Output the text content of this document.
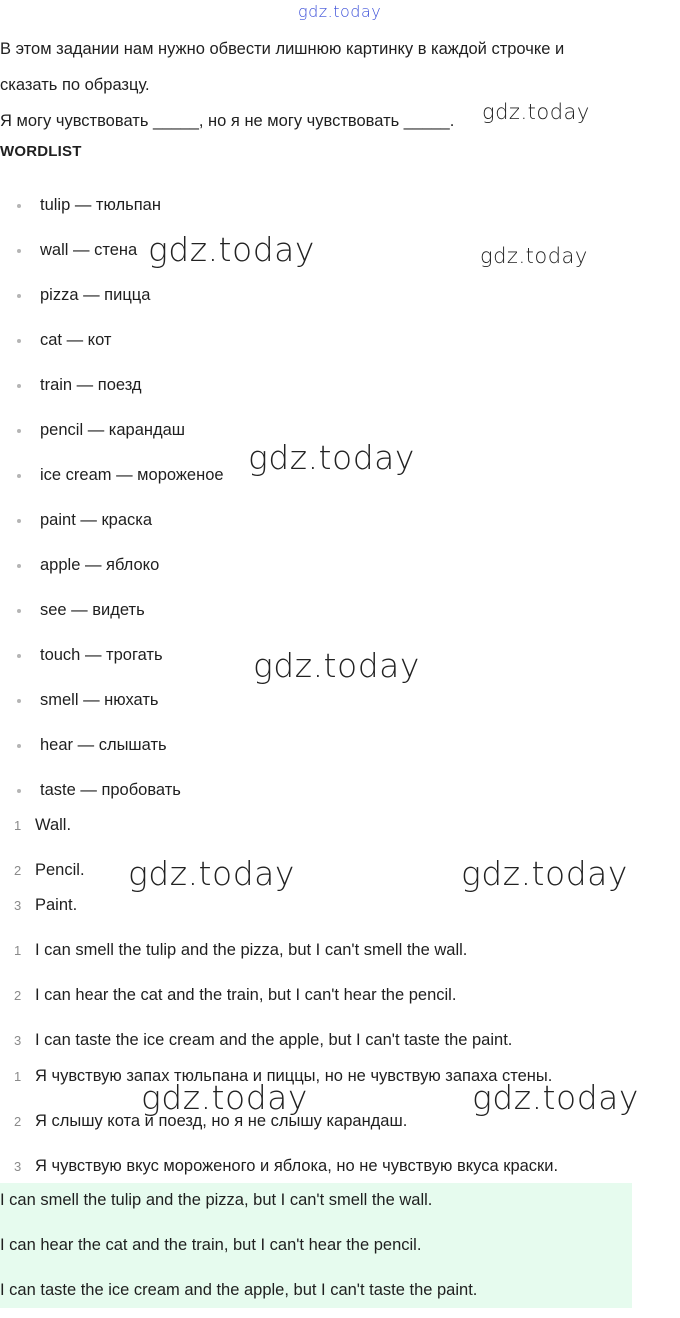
gdz.today
В этом задании нам нужно обвести лишнюю картинку в каждой строчке и
сказать по образцу.
Я могу чувствовать _____, но я не могу чувствовать _____.
WORDLIST
tulip — тюльпан
wall — стена
pizza — пицца
cat — кот
train — поезд
pencil — карандаш
ice cream — мороженое
paint — краска
apple — яблоко
see — видеть
touch — трогать
smell — нюхать
hear — слышать
taste — пробовать
1 Wall.
2 Pencil.
3 Paint.
1 I can smell the tulip and the pizza, but I can't smell the wall.
2 I can hear the cat and the train, but I can't hear the pencil.
3 I can taste the ice cream and the apple, but I can't taste the paint.
1 Я чувствую запах тюльпана и пиццы, но не чувствую запаха стены.
2 Я слышу кота и поезд, но я не слышу карандаш.
3 Я чувствую вкус мороженого и яблока, но не чувствую вкуса краски.

I can smell the tulip and the pizza, but I can't smell the wall.

I can hear the cat and the train, but I can't hear the pencil.

I can taste the ice cream and the apple, but I can't taste the paint.

gdz.today
gdz.today	gdz.today
gdz.today
gdz.today
gdz.today	gdz.today
gdz.today	gdz.today
